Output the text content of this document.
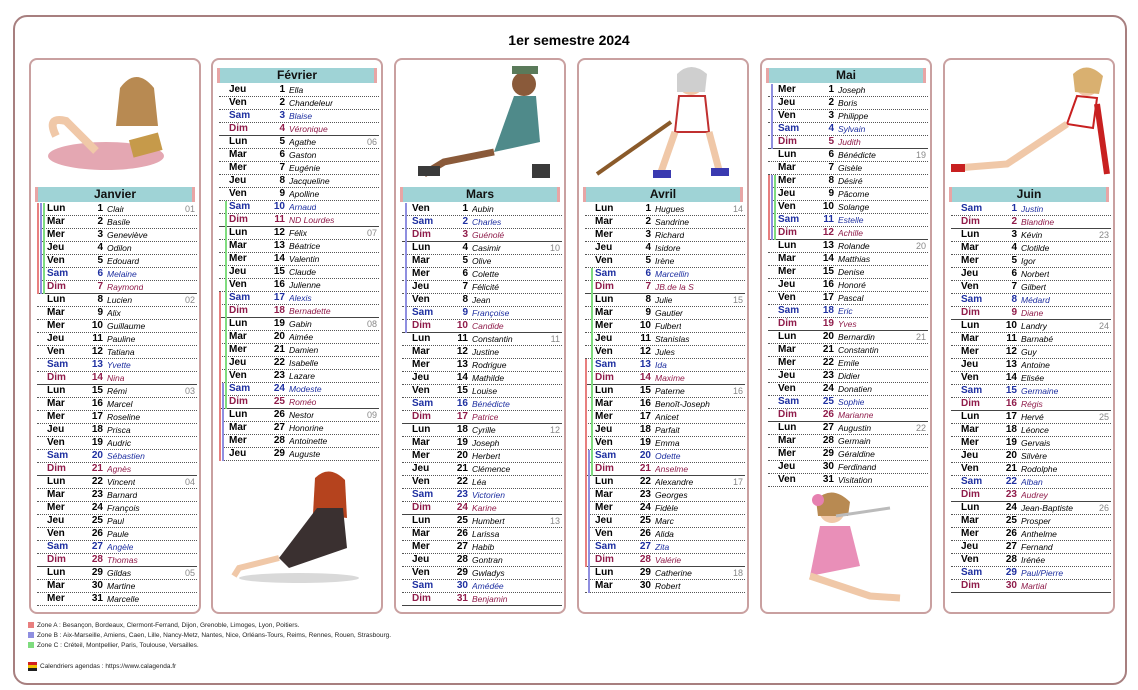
1er semestre 2024
Janvier
Lun	1 Clair	01
Mar	2 Basile
Mer	3 Geneviève
Jeu	4 Odilon
Ven	5 Edouard
Sam	6 Melaine
Dim	7 Raymond
Lun	8 Lucien	02
Mar	9 Alix
Mer	10 Guillaume
Jeu	11 Pauline
Ven	12 Tatiana
Sam	13 Yvette
Dim	14 Nina
Lun	15 Rémi	03
Mar	16 Marcel
Mer	17 Roseline
Jeu	18 Prisca
Ven	19 Audric
Sam	20 Sébastien
Dim	21 Agnès
Lun	22 Vincent	04
Mar	23 Barnard
Mer	24 François
Jeu	25 Paul
Ven	26 Paule
Sam	27 Angèle
Dim	28 Thomas
Lun	29 Gildas	05
Mar	30 Martine
Mer	31 Marcelle
Février
Jeu	1 Ella
Ven	2 Chandeleur
Sam	3 Blaise
Dim	4 Véronique
Lun	5 Agathe	06
Mar	6 Gaston
Mer	7 Eugénie
Jeu	8 Jacqueline
Ven	9 Apolline
Sam	10 Arnaud
Dim	11 ND Lourdes
Lun	12 Félix	07
Mar	13 Béatrice
Mer	14 Valentin
Jeu	15 Claude
Ven	16 Julienne
Sam	17 Alexis
Dim	18 Bernadette
Lun	19 Gabin	08
Mar	20 Aimée
Mer	21 Damien
Jeu	22 Isabelle
Ven	23 Lazare
Sam	24 Modeste
Dim	25 Roméo
Lun	26 Nestor	09
Mar	27 Honorine
Mer	28 Antoinette
Jeu	29 Auguste
Mars
Ven	1 Aubin
Sam	2 Charles
Dim	3 Guénolé
Lun	4 Casimir	10
Mar	5 Olive
Mer	6 Colette
Jeu	7 Félicité
Ven	8 Jean
Sam	9 Françoise
Dim	10 Candide
Lun	11 Constantin	11
Mar	12 Justine
Mer	13 Rodrigue
Jeu	14 Mathilde
Ven	15 Louise
Sam	16 Bénédicte
Dim	17 Patrice
Lun	18 Cyrille	12
Mar	19 Joseph
Mer	20 Herbert
Jeu	21 Clémence
Ven	22 Léa
Sam	23 Victorien
Dim	24 Karine
Lun	25 Humbert	13
Mar	26 Larissa
Mer	27 Habib
Jeu	28 Gontran
Ven	29 Gwladys
Sam	30 Amédée
Dim	31 Benjamin
Avril
Lun	1 Hugues	14
Mar	2 Sandrine
Mer	3 Richard
Jeu	4 Isidore
Ven	5 Irène
Sam	6 Marcellin
Dim	7 JB.de la S
Lun	8 Julie	15
Mar	9 Gautier
Mer	10 Fulbert
Jeu	11 Stanislas
Ven	12 Jules
Sam	13 Ida
Dim	14 Maxime
Lun	15 Paterne	16
Mar	16 Benoît-Joseph
Mer	17 Anicet
Jeu	18 Parfait
Ven	19 Emma
Sam	20 Odette
Dim	21 Anselme
Lun	22 Alexandre	17
Mar	23 Georges
Mer	24 Fidèle
Jeu	25 Marc
Ven	26 Alida
Sam	27 Zita
Dim	28 Valérie
Lun	29 Catherine	18
Mar	30 Robert
Mai
Mer	1 Joseph
Jeu	2 Boris
Ven	3 Philippe
Sam	4 Sylvain
Dim	5 Judith
Lun	6 Bénédicte	19
Mar	7 Gisèle
Mer	8 Désiré
Jeu	9 Pâcome
Ven	10 Solange
Sam	11 Estelle
Dim	12 Achille
Lun	13 Rolande	20
Mar	14 Matthias
Mer	15 Denise
Jeu	16 Honoré
Ven	17 Pascal
Sam	18 Eric
Dim	19 Yves
Lun	20 Bernardin	21
Mar	21 Constantin
Mer	22 Emile
Jeu	23 Didier
Ven	24 Donatien
Sam	25 Sophie
Dim	26 Marianne
Lun	27 Augustin	22
Mar	28 Germain
Mer	29 Géraldine
Jeu	30 Ferdinand
Ven	31 Visitation
Juin
Sam	1 Justin
Dim	2 Blandine
Lun	3 Kévin	23
Mar	4 Clotilde
Mer	5 Igor
Jeu	6 Norbert
Ven	7 Gilbert
Sam	8 Médard
Dim	9 Diane
Lun	10 Landry	24
Mar	11 Barnabé
Mer	12 Guy
Jeu	13 Antoine
Ven	14 Elisée
Sam	15 Germaine
Dim	16 Régis
Lun	17 Hervé	25
Mar	18 Léonce
Mer	19 Gervais
Jeu	20 Silvère
Ven	21 Rodolphe
Sam	22 Alban
Dim	23 Audrey
Lun	24 Jean-Baptiste	26
Mar	25 Prosper
Mer	26 Anthelme
Jeu	27 Fernand
Ven	28 Irénée
Sam	29 Paul/Pierre
Dim	30 Martial
Zone A : Besançon, Bordeaux, Clermont-Ferrand, Dijon, Grenoble, Limoges, Lyon, Poitiers.
Zone B : Aix-Marseille, Amiens, Caen, Lille, Nancy-Metz, Nantes, Nice, Orléans-Tours, Reims, Rennes, Rouen, Strasbourg.
Zone C : Créteil, Montpellier, Paris, Toulouse, Versailles.
Calendriers agendas : https://www.calagenda.fr
